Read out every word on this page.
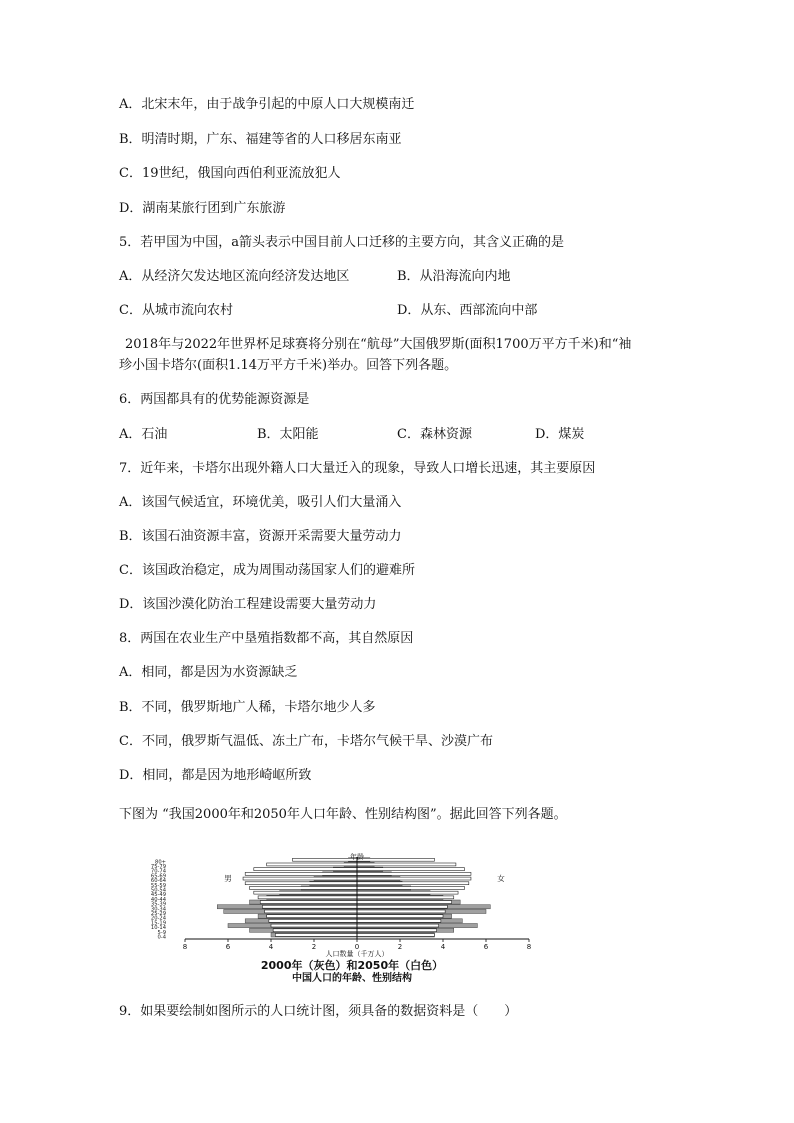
A．北宋末年，由于战争引起的中原人口大规模南迁
B．明清时期，广东、福建等省的人口移居东南亚
C．19世纪，俄国向西伯利亚流放犯人
D．湖南某旅行团到广东旅游
5．若甲国为中国，a箭头表示中国目前人口迁移的主要方向，其含义正确的是
A．从经济欠发达地区流向经济发达地区	B．从沿海流向内地
C．从城市流向农村	D．从东、西部流向中部
2018年与2022年世界杯足球赛将分别在“航母”大国俄罗斯(面积1700万平方千米)和“袖
珍小国卡塔尔(面积1.14万平方千米)举办。回答下列各题。
6．两国都具有的优势能源资源是
A．石油	B．太阳能	C．森林资源	D．煤炭
7．近年来，卡塔尔出现外籍人口大量迁入的现象，导致人口增长迅速，其主要原因
A．该国气候适宜，环境优美，吸引人们大量涌入
B．该国石油资源丰富，资源开采需要大量劳动力
C．该国政治稳定，成为周围动荡国家人们的避难所
D．该国沙漠化防治工程建设需要大量劳动力
8．两国在农业生产中垦殖指数都不高，其自然原因
A．相同，都是因为水资源缺乏
B．不同，俄罗斯地广人稀，卡塔尔地少人多
C．不同，俄罗斯气温低、冻土广布，卡塔尔气候干旱、沙漠广布
D．相同，都是因为地形崎岖所致
下图为 “我国2000年和2050年人口年龄、性别结构图”。据此回答下列各题。
0-4
5-9
10-14
15-19
20-24
25-29
30-34
35-39
40-44
45-49
50-54
55-59
60-64
65-69
70-74
75-79
80+
8	6	4	2	0	2	4	6	8
年龄
男	女
人口数量（千万人）
2000年（灰色）和2050年（白色）
中国人口的年龄、性别结构
9．如果要绘制如图所示的人口统计图，须具备的数据资料是（　　）
